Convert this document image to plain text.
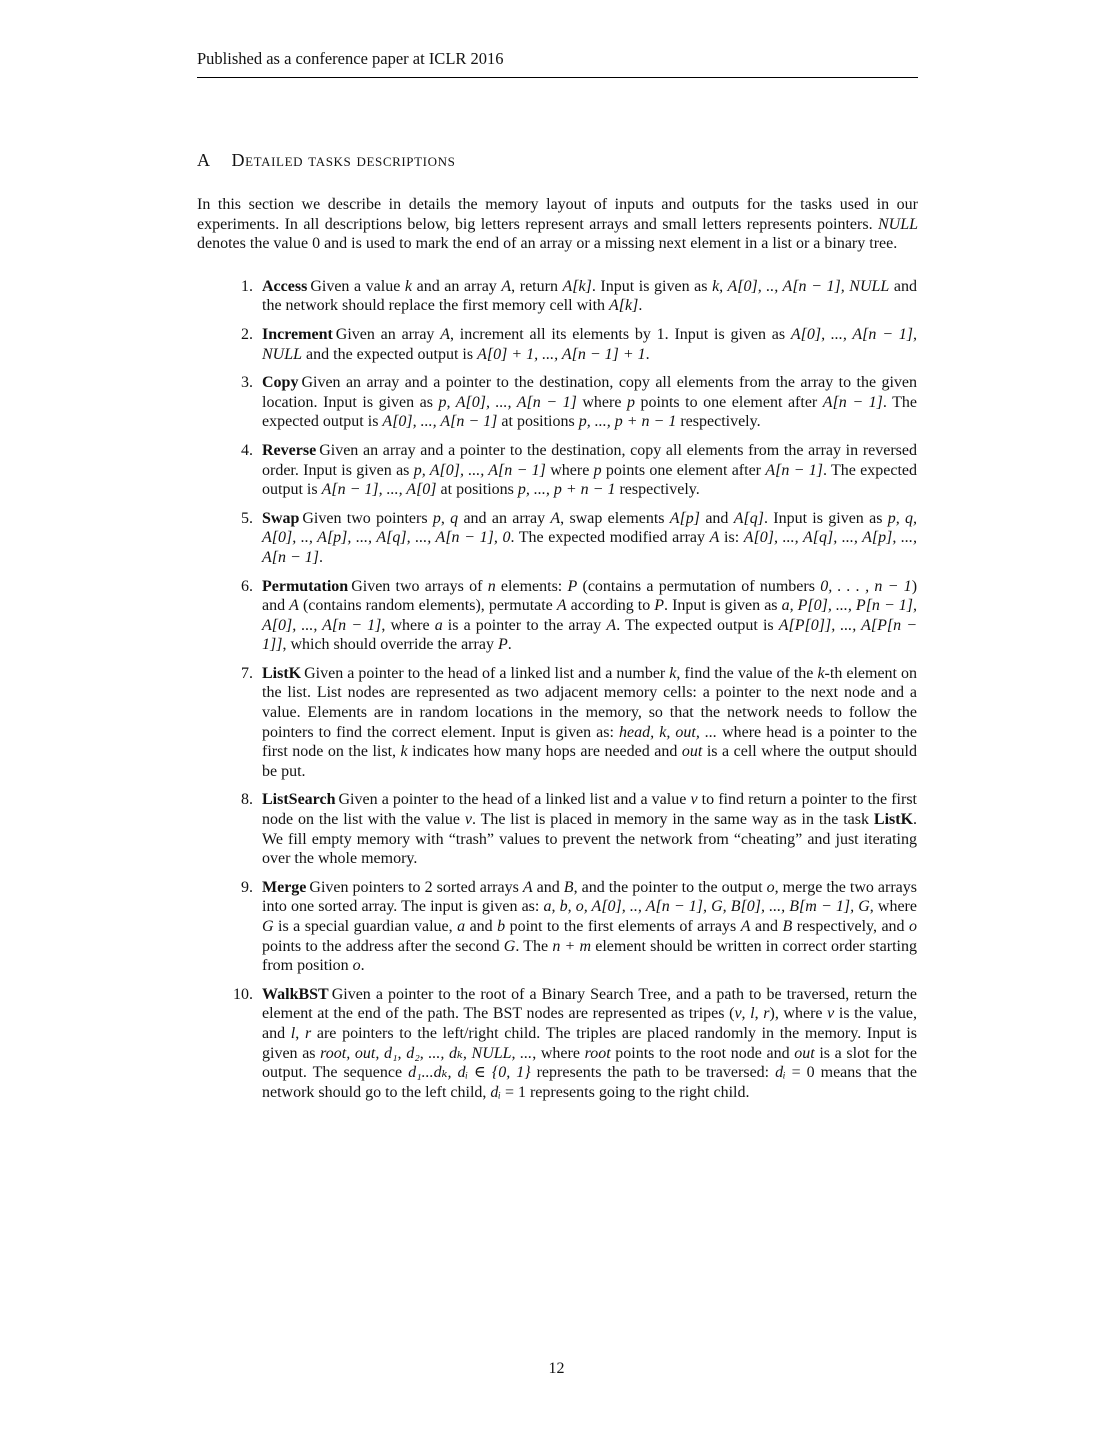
Published as a conference paper at ICLR 2016
A Detailed tasks descriptions

In this section we describe in details the memory layout of inputs and outputs for the tasks used in our experiments. In all descriptions below, big letters represent arrays and small letters represents pointers. NULL denotes the value 0 and is used to mark the end of an array or a missing next element in a list or a binary tree.

1. Access Given a value k and an array A, return A[k]. Input is given as k, A[0], .., A[n − 1], NULL and the network should replace the first memory cell with A[k].
2. Increment Given an array A, increment all its elements by 1. Input is given as A[0], ..., A[n − 1], NULL and the expected output is A[0] + 1, ..., A[n − 1] + 1.
3. Copy Given an array and a pointer to the destination, copy all elements from the array to the given location. Input is given as p, A[0], ..., A[n − 1] where p points to one element after A[n − 1]. The expected output is A[0], ..., A[n − 1] at positions p, ..., p + n − 1 respectively.
4. Reverse Given an array and a pointer to the destination, copy all elements from the array in reversed order. Input is given as p, A[0], ..., A[n − 1] where p points one element after A[n − 1]. The expected output is A[n − 1], ..., A[0] at positions p, ..., p + n − 1 respectively.
5. Swap Given two pointers p, q and an array A, swap elements A[p] and A[q]. Input is given as p, q, A[0], .., A[p], ..., A[q], ..., A[n − 1], 0. The expected modified array A is: A[0], ..., A[q], ..., A[p], ..., A[n − 1].
6. Permutation Given two arrays of n elements: P (contains a permutation of numbers 0, . . . , n − 1) and A (contains random elements), permutate A according to P. Input is given as a, P[0], ..., P[n − 1], A[0], ..., A[n − 1], where a is a pointer to the array A. The expected output is A[P[0]], ..., A[P[n − 1]], which should override the array P.
7. ListK Given a pointer to the head of a linked list and a number k, find the value of the k-th element on the list. List nodes are represented as two adjacent memory cells: a pointer to the next node and a value. Elements are in random locations in the memory, so that the network needs to follow the pointers to find the correct element. Input is given as: head, k, out, ... where head is a pointer to the first node on the list, k indicates how many hops are needed and out is a cell where the output should be put.
8. ListSearch Given a pointer to the head of a linked list and a value v to find return a pointer to the first node on the list with the value v. The list is placed in memory in the same way as in the task ListK. We fill empty memory with “trash” values to prevent the network from “cheating” and just iterating over the whole memory.
9. Merge Given pointers to 2 sorted arrays A and B, and the pointer to the output o, merge the two arrays into one sorted array. The input is given as: a, b, o, A[0], .., A[n − 1], G, B[0], ..., B[m − 1], G, where G is a special guardian value, a and b point to the first elements of arrays A and B respectively, and o points to the address after the second G. The n + m element should be written in correct order starting from position o.
10. WalkBST Given a pointer to the root of a Binary Search Tree, and a path to be traversed, return the element at the end of the path. The BST nodes are represented as tripes (v, l, r), where v is the value, and l, r are pointers to the left/right child. The triples are placed randomly in the memory. Input is given as root, out, d₁, d₂, ..., dₖ, NULL, ..., where root points to the root node and out is a slot for the output. The sequence d₁...dₖ, dᵢ ∈ {0, 1} represents the path to be traversed: dᵢ = 0 means that the network should go to the left child, dᵢ = 1 represents going to the right child.
12
